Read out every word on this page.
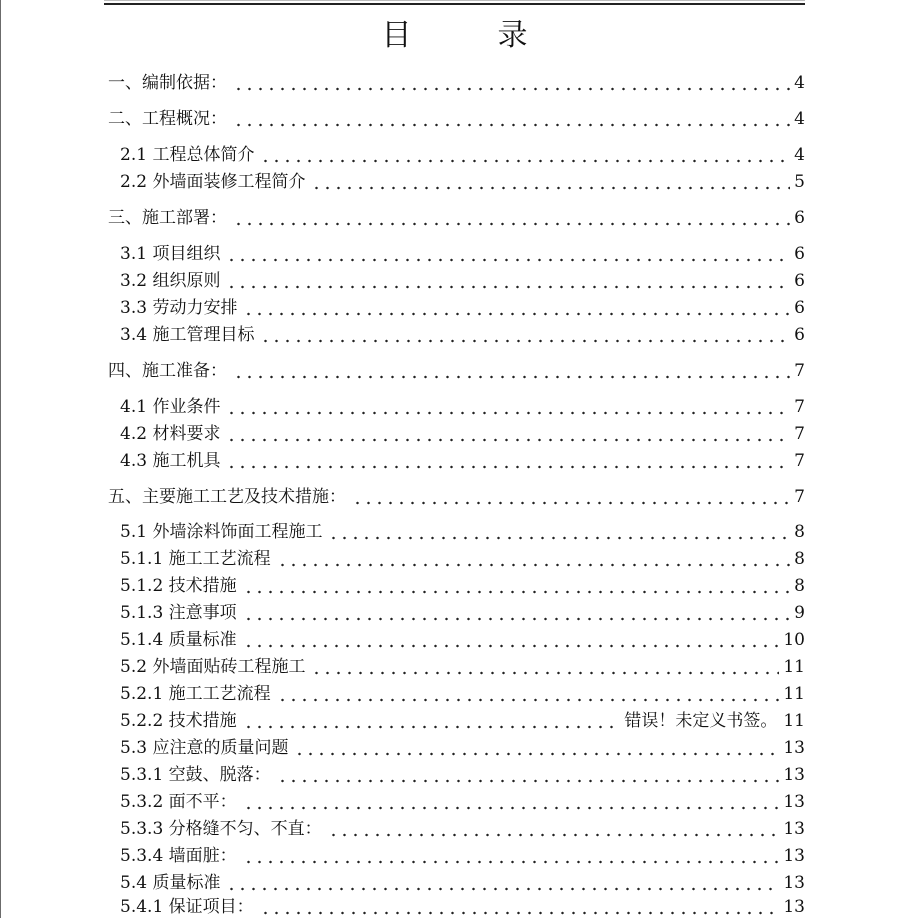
目　录
一、编制依据：	4
二、工程概况：	4
2.1 工程总体简介	4
2.2 外墙面装修工程简介	5
三、施工部署：	6
3.1 项目组织	6
3.2 组织原则	6
3.3 劳动力安排	6
3.4 施工管理目标	6
四、施工准备：	7
4.1 作业条件	7
4.2 材料要求	7
4.3 施工机具	7
五、主要施工工艺及技术措施：	7
5.1 外墙涂料饰面工程施工	8
5.1.1 施工工艺流程	8
5.1.2 技术措施	8
5.1.3 注意事项	9
5.1.4 质量标准	10
5.2 外墙面贴砖工程施工	11
5.2.1 施工工艺流程	11
5.2.2 技术措施	错误！未定义书签。 11
5.3 应注意的质量问题	13
5.3.1 空鼓、脱落：	13
5.3.2 面不平：	13
5.3.3 分格缝不匀、不直：	13
5.3.4 墙面脏：	13
5.4 质量标准	13
5.4.1 保证项目：	13
